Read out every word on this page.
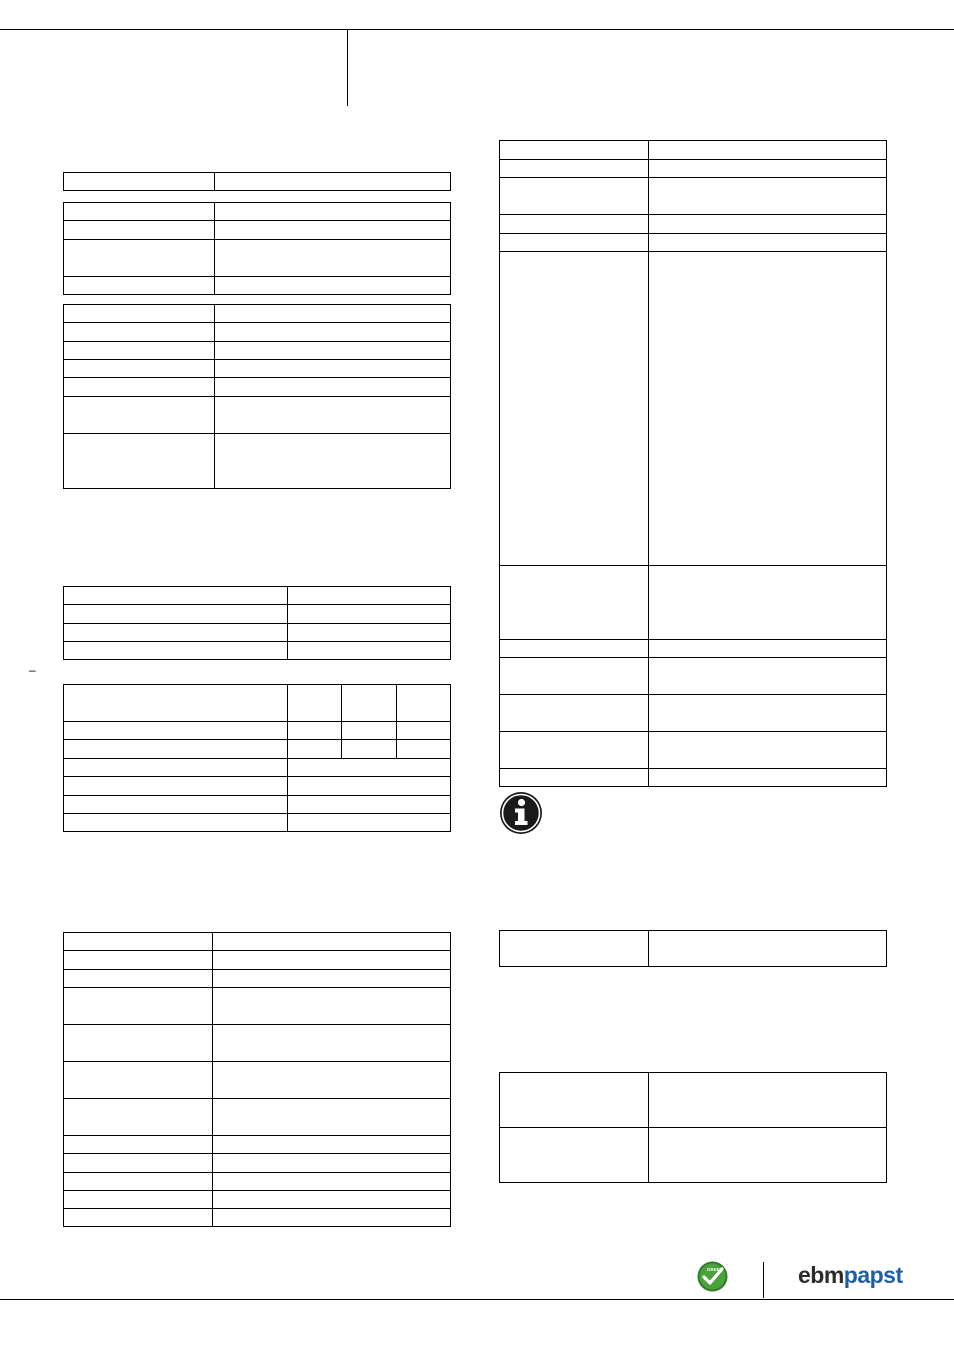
–

GREEN	ebmpapst
